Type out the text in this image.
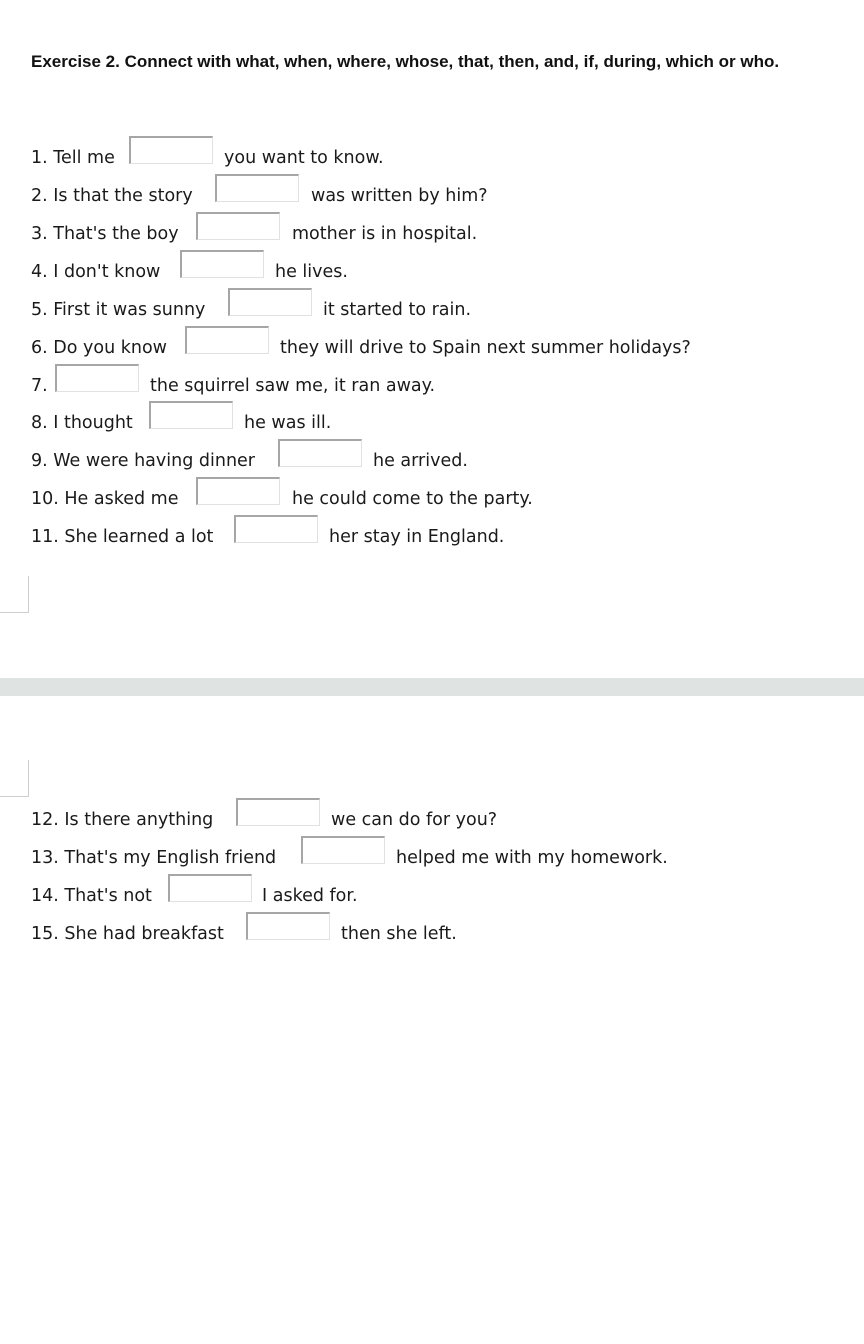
Exercise 2. Connect with what, when, where, whose, that, then, and, if, during, which or who.
1. Tell me	you want to know.
2. Is that the story	was written by him?
3. That's the boy	mother is in hospital.
4. I don't know	he lives.
5. First it was sunny	it started to rain.
6. Do you know	they will drive to Spain next summer holidays?
7.	the squirrel saw me, it ran away.
8. I thought	he was ill.
9. We were having dinner	he arrived.
10. He asked me	he could come to the party.
11. She learned a lot	her stay in England.
12. Is there anything	we can do for you?
13. That's my English friend	helped me with my homework.
14. That's not	I asked for.
15. She had breakfast	then she left.
